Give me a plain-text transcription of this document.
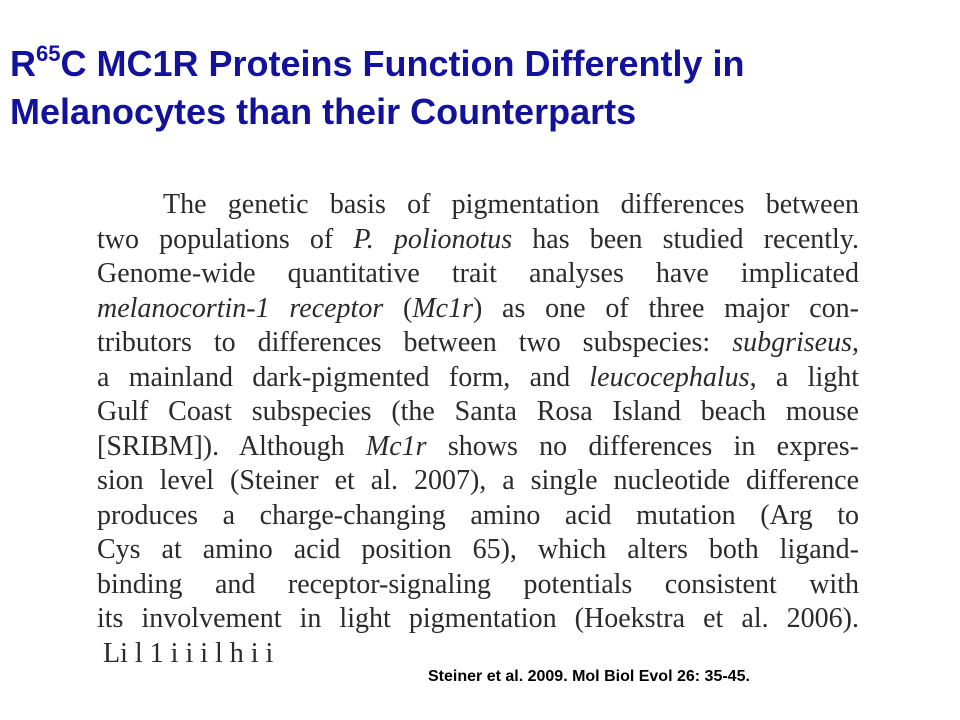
$R^{65}C$ MC1R Proteins Function Differently in
Melanocytes than their Counterparts
The genetic basis of pigmentation differences between
two populations of P. polionotus has been studied recently.
Genome-wide quantitative trait analyses have implicated
melanocortin-1 receptor (Mc1r) as one of three major con-
tributors to differences between two subspecies: subgriseus,
a mainland dark-pigmented form, and leucocephalus, a light
Gulf Coast subspecies (the Santa Rosa Island beach mouse
[SRIBM]). Although Mc1r shows no differences in expres-
sion level (Steiner et al. 2007), a single nucleotide difference
produces a charge-changing amino acid mutation (Arg to
Cys at amino acid position 65), which alters both ligand-
binding and receptor-signaling potentials consistent with
its involvement in light pigmentation (Hoekstra et al. 2006).
Li l 1 i i i l h i i

Steiner et al. 2009. Mol Biol Evol 26: 35-45.
